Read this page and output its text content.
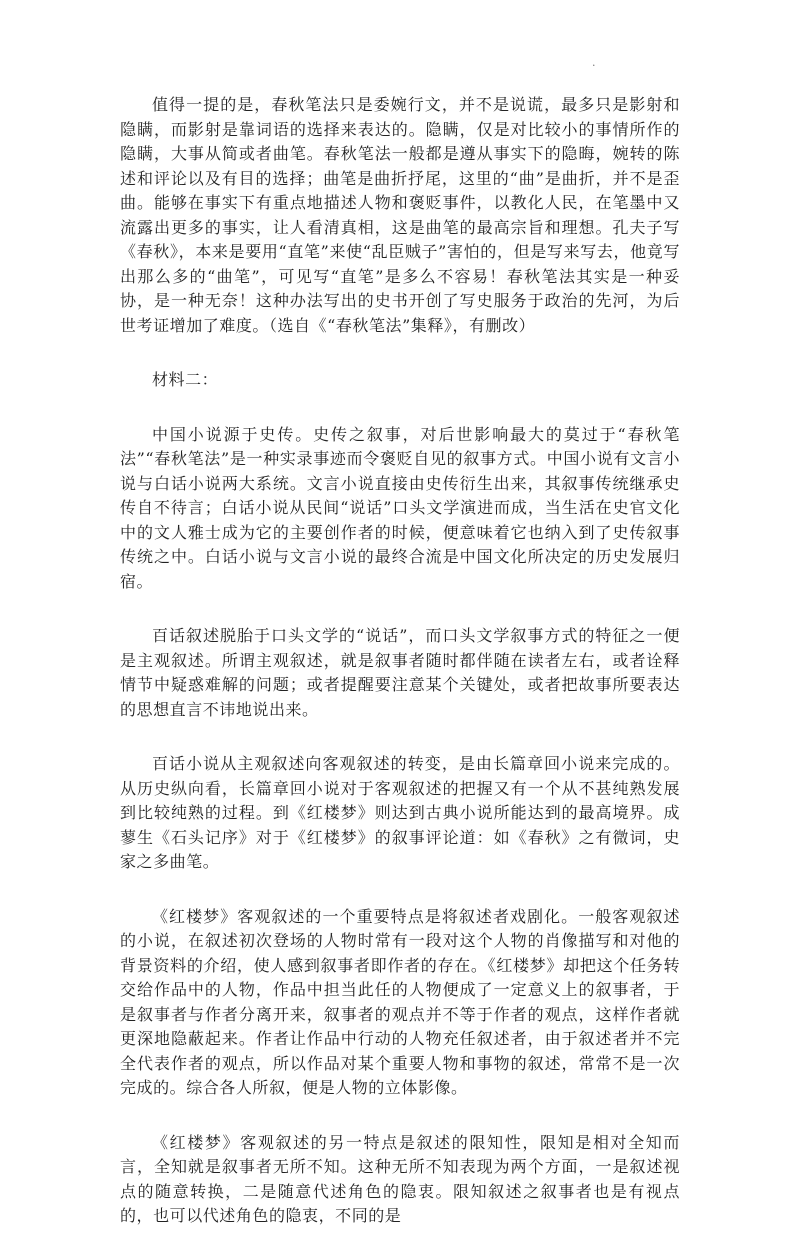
.

值得一提的是，春秋笔法只是委婉行文，并不是说谎，最多只是影射和隐瞒，而影射是靠词语的选择来表达的。隐瞒，仅是对比较小的事情所作的隐瞒，大事从简或者曲笔。春秋笔法一般都是遵从事实下的隐晦，婉转的陈述和评论以及有目的选择；曲笔是曲折抒尾，这里的“曲”是曲折，并不是歪曲。能够在事实下有重点地描述人物和褒贬事件，以教化人民，在笔墨中又流露出更多的事实，让人看清真相，这是曲笔的最高宗旨和理想。孔夫子写《春秋》，本来是要用“直笔”来使“乱臣贼子”害怕的，但是写来写去，他竟写出那么多的“曲笔”，可见写“直笔”是多么不容易！春秋笔法其实是一种妥协，是一种无奈！这种办法写出的史书开创了写史服务于政治的先河，为后世考证增加了难度。（选自《“春秋笔法”集释》，有删改）

材料二：

中国小说源于史传。史传之叙事，对后世影响最大的莫过于“春秋笔法”“春秋笔法”是一种实录事迹而令褒贬自见的叙事方式。中国小说有文言小说与白话小说两大系统。文言小说直接由史传衍生出来，其叙事传统继承史传自不待言；白话小说从民间“说话”口头文学演进而成，当生活在史官文化中的文人雅士成为它的主要创作者的时候，便意味着它也纳入到了史传叙事传统之中。白话小说与文言小说的最终合流是中国文化所决定的历史发展归宿。

百话叙述脱胎于口头文学的“说话”，而口头文学叙事方式的特征之一便是主观叙述。所谓主观叙述，就是叙事者随时都伴随在读者左右，或者诠释情节中疑惑难解的问题；或者提醒要注意某个关键处，或者把故事所要表达的思想直言不讳地说出来。

百话小说从主观叙述向客观叙述的转变，是由长篇章回小说来完成的。从历史纵向看，长篇章回小说对于客观叙述的把握又有一个从不甚纯熟发展到比较纯熟的过程。到《红楼梦》则达到古典小说所能达到的最高境界。成蓼生《石头记序》对于《红楼梦》的叙事评论道：如《春秋》之有微词，史家之多曲笔。

《红楼梦》客观叙述的一个重要特点是将叙述者戏剧化。一般客观叙述的小说，在叙述初次登场的人物时常有一段对这个人物的肖像描写和对他的背景资料的介绍，使人感到叙事者即作者的存在。《红楼梦》却把这个任务转交给作品中的人物，作品中担当此任的人物便成了一定意义上的叙事者，于是叙事者与作者分离开来，叙事者的观点并不等于作者的观点，这样作者就更深地隐蔽起来。作者让作品中行动的人物充任叙述者，由于叙述者并不完全代表作者的观点，所以作品对某个重要人物和事物的叙述，常常不是一次完成的。综合各人所叙，便是人物的立体影像。

《红楼梦》客观叙述的另一特点是叙述的限知性，限知是相对全知而言，全知就是叙事者无所不知。这种无所不知表现为两个方面，一是叙述视点的随意转换，二是随意代述角色的隐衷。限知叙述之叙事者也是有视点的，也可以代述角色的隐衷，不同的是
